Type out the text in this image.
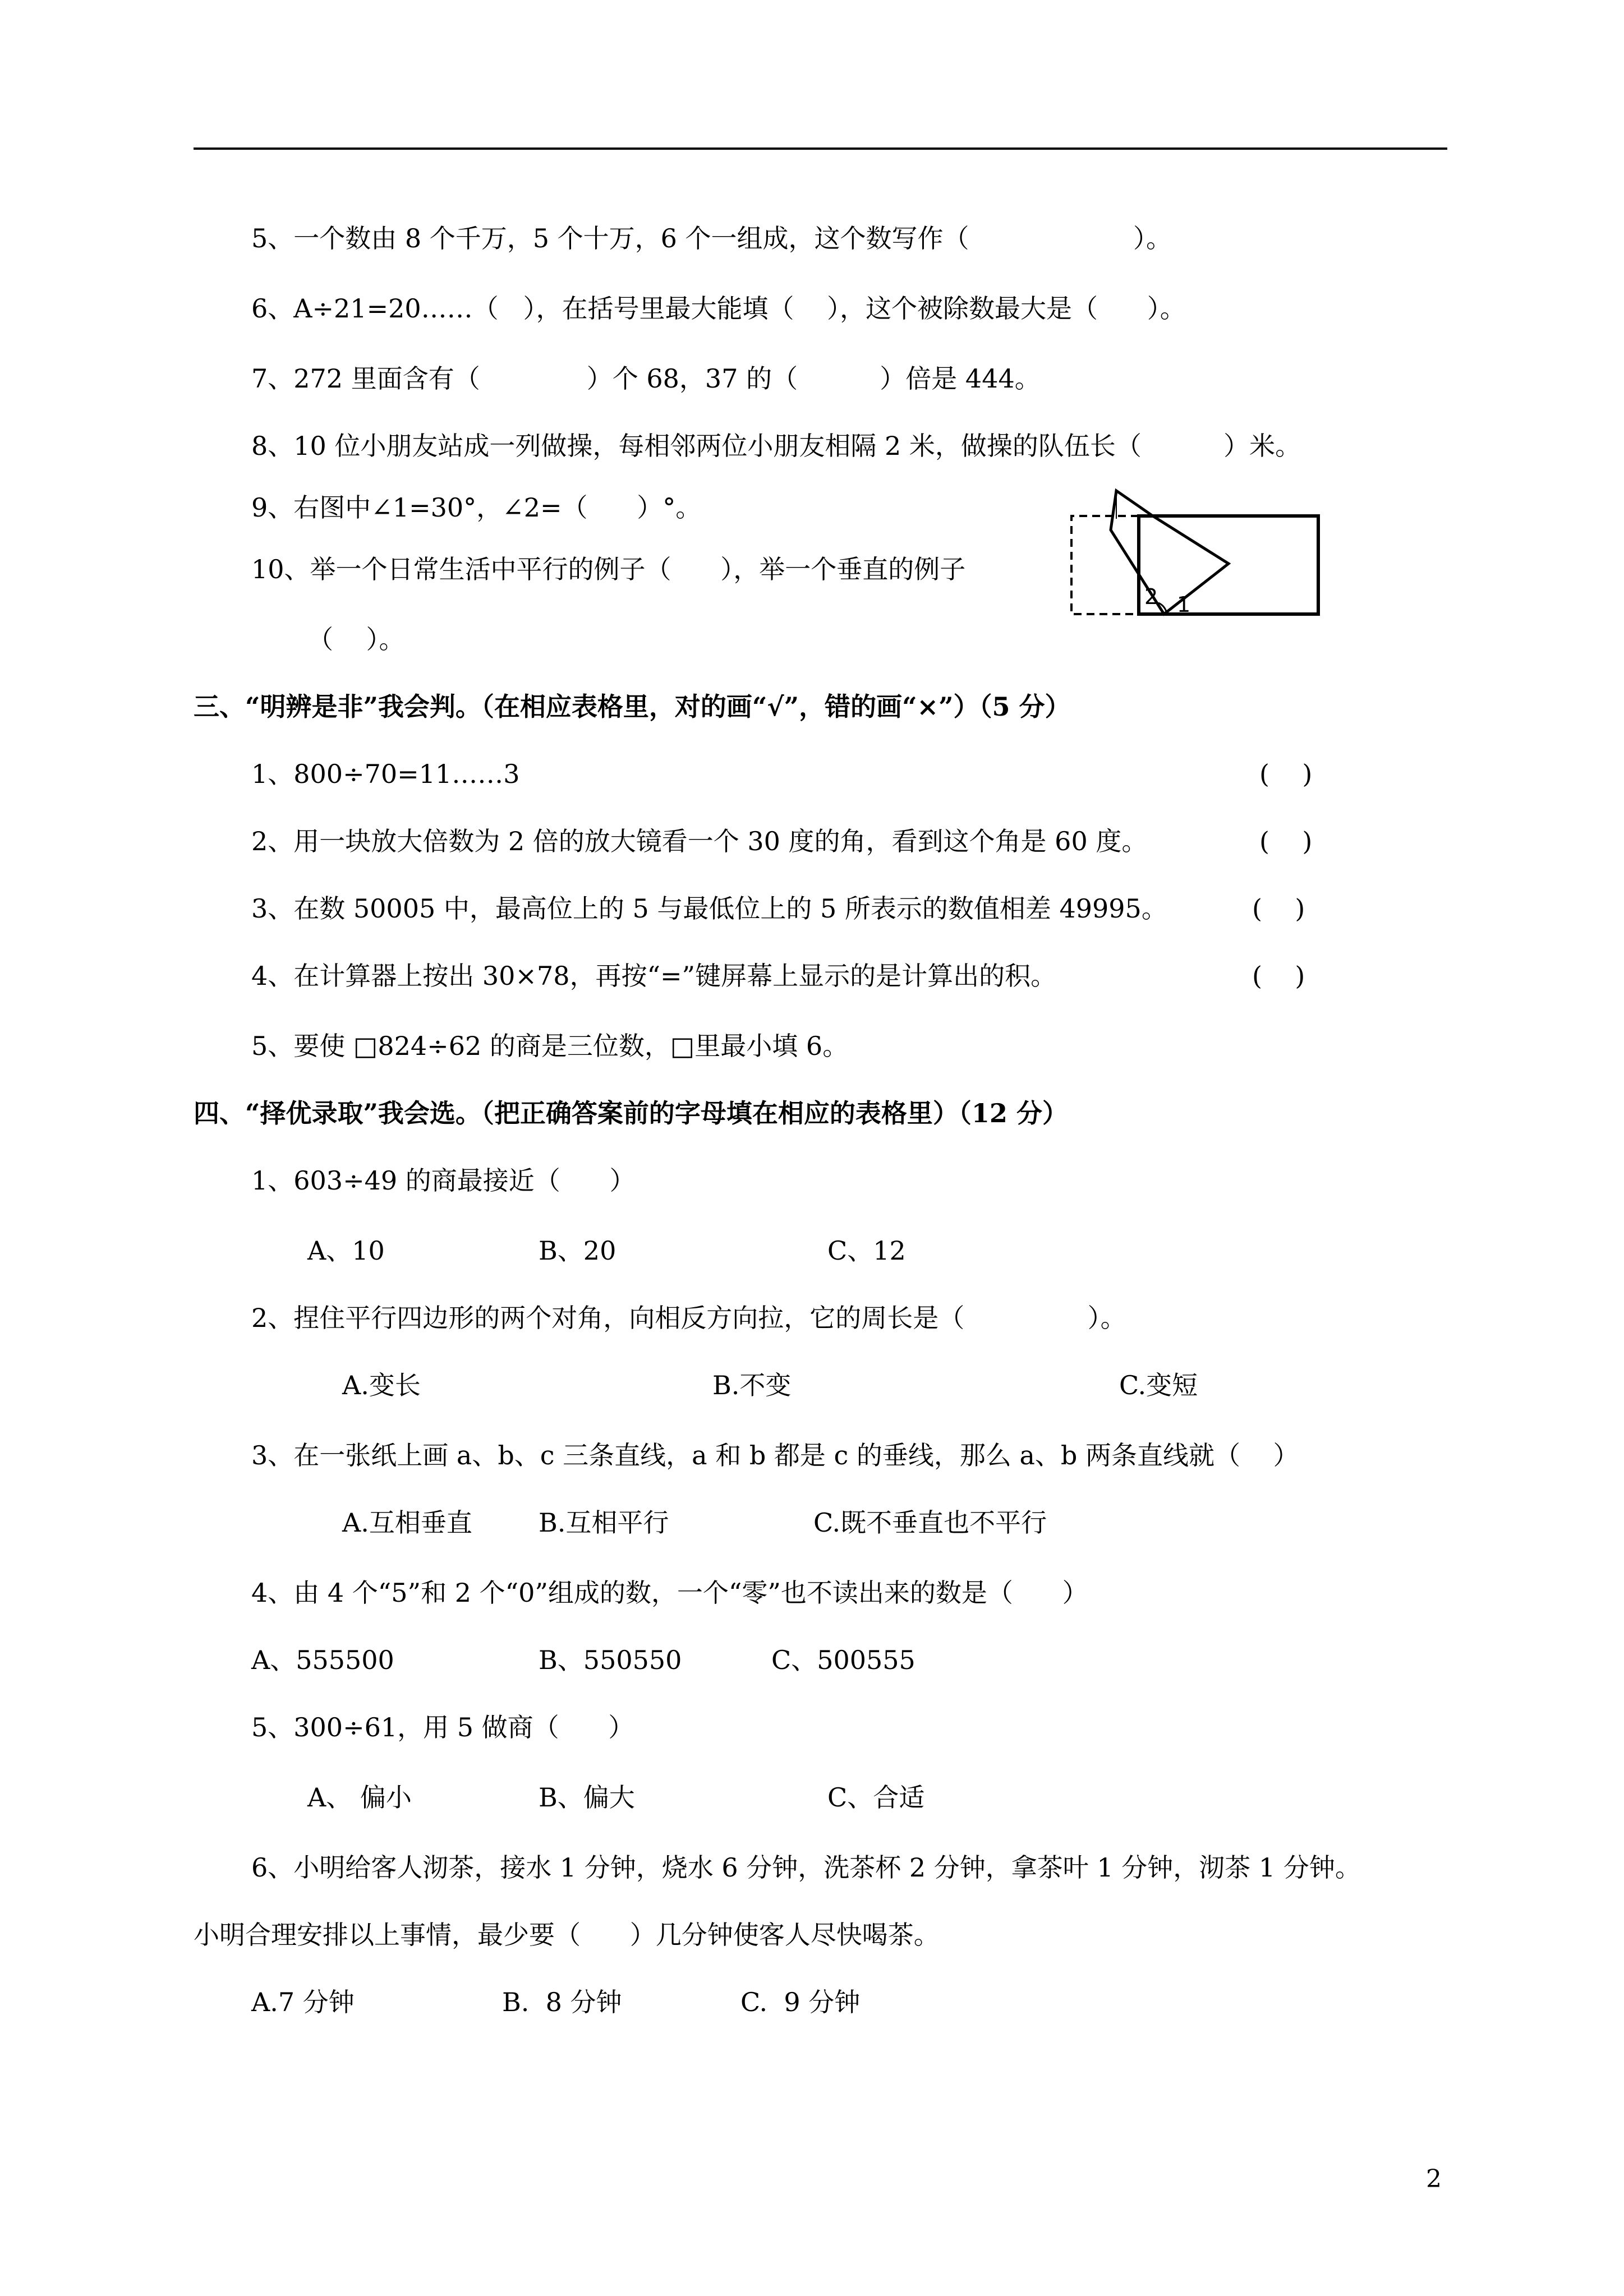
5、一个数由 8 个千万，5 个十万，6 个一组成，这个数写作（                    ）。
6、A÷21=20……（   ），在括号里最大能填（    ），这个被除数最大是（      ）。
7、272 里面含有（             ）个 68，37 的（          ）倍是 444。
8、10 位小朋友站成一列做操，每相邻两位小朋友相隔 2 米，做操的队伍长（          ）米。
9、右图中∠1=30°，∠2=（      ）°。
10、举一个日常生活中平行的例子（      ），举一个垂直的例子
（    ）。
2 1
三、“明辨是非”我会判。（在相应表格里，对的画“√”，错的画“×”）（5 分）
1、800÷70=11……3	(    )
2、用一块放大倍数为 2 倍的放大镜看一个 30 度的角，看到这个角是 60 度。	(    )
3、在数 50005 中，最高位上的 5 与最低位上的 5 所表示的数值相差 49995。	(    )
4、在计算器上按出 30×78，再按“=”键屏幕上显示的是计算出的积。	(    )
5、要使 □824÷62 的商是三位数，□里最小填 6。
四、“择优录取”我会选。（把正确答案前的字母填在相应的表格里）（12 分）
1、603÷49 的商最接近（      ）
A、10	B、20	C、12
2、捏住平行四边形的两个对角，向相反方向拉，它的周长是（               ）。
A.变长	B.不变	C.变短
3、在一张纸上画 a、b、c 三条直线，a 和 b 都是 c 的垂线，那么 a、b 两条直线就（    ）
A.互相垂直	B.互相平行	C.既不垂直也不平行
4、由 4 个“5”和 2 个“0”组成的数，一个“零”也不读出来的数是（      ）
A、555500	B、550550	C、500555
5、300÷61，用 5 做商（      ）
A、 偏小	B、偏大	C、合适
6、小明给客人沏茶，接水 1 分钟，烧水 6 分钟，洗茶杯 2 分钟，拿茶叶 1 分钟，沏茶 1 分钟。
小明合理安排以上事情，最少要（      ）几分钟使客人尽快喝茶。
A.7 分钟	B.  8 分钟	C.  9 分钟
2
